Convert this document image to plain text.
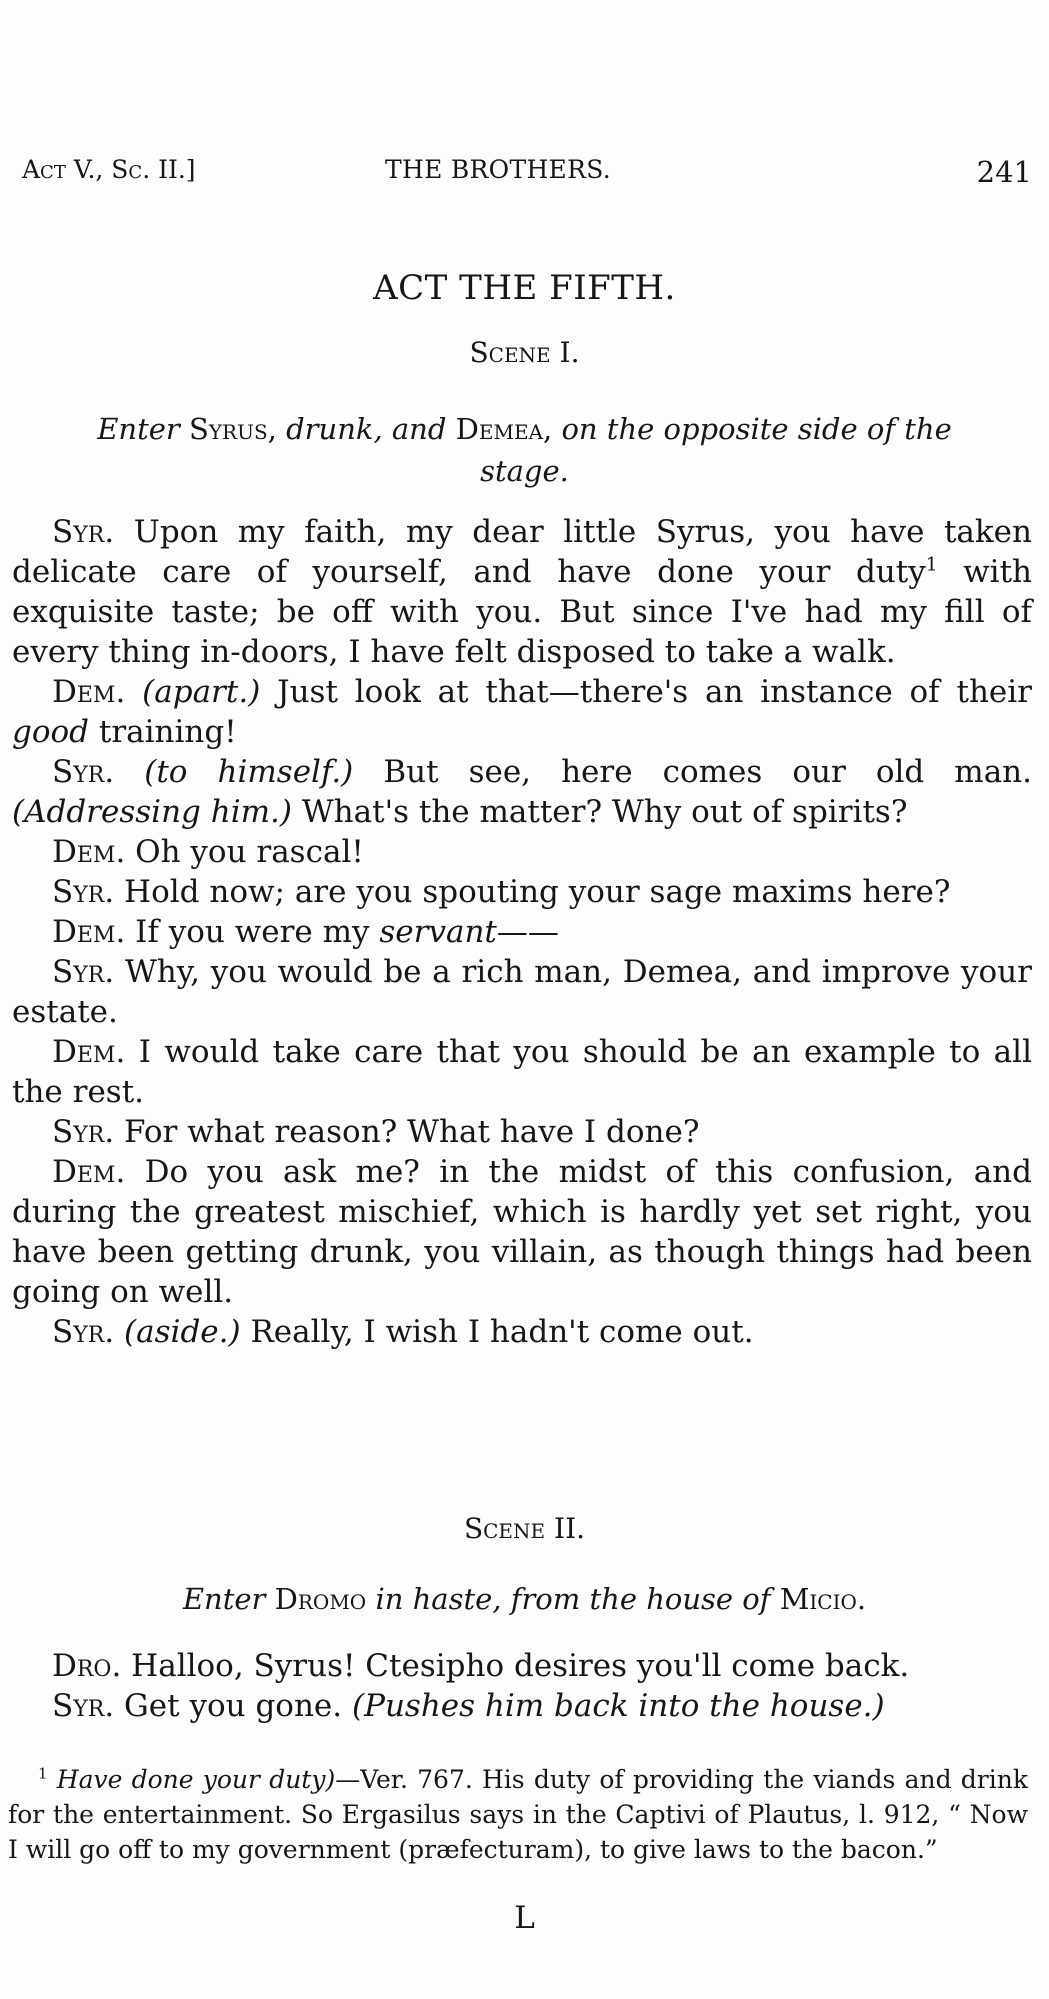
Act V., Sc. II.]	THE BROTHERS.	241
ACT THE FIFTH.
Scene I.
Enter Syrus, drunk, and Demea, on the opposite side of the
stage.

Syr. Upon my faith, my dear little Syrus, you have taken delicate care of yourself, and have done your duty$^1$ with exquisite taste; be off with you. But since I've had my fill of every thing in-doors, I have felt disposed to take a walk.

Dem. (apart.) Just look at that—there's an instance of their good training!

Syr. (to himself.) But see, here comes our old man. (Addressing him.) What's the matter? Why out of spirits?

Dem. Oh you rascal!

Syr. Hold now; are you spouting your sage maxims here?

Dem. If you were my servant——

Syr. Why, you would be a rich man, Demea, and improve your estate.

Dem. I would take care that you should be an example to all the rest.

Syr. For what reason? What have I done?

Dem. Do you ask me? in the midst of this confusion, and during the greatest mischief, which is hardly yet set right, you have been getting drunk, you villain, as though things had been going on well.

Syr. (aside.) Really, I wish I hadn't come out.

Scene II.
Enter Dromo in haste, from the house of Micio.

Dro. Halloo, Syrus! Ctesipho desires you'll come back.

Syr. Get you gone. (Pushes him back into the house.)

$^1$ Have done your duty)—Ver. 767. His duty of providing the viands and drink for the entertainment. So Ergasilus says in the Captivi of Plautus, l. 912, “ Now I will go off to my government (præfecturam), to give laws to the bacon.”

L
